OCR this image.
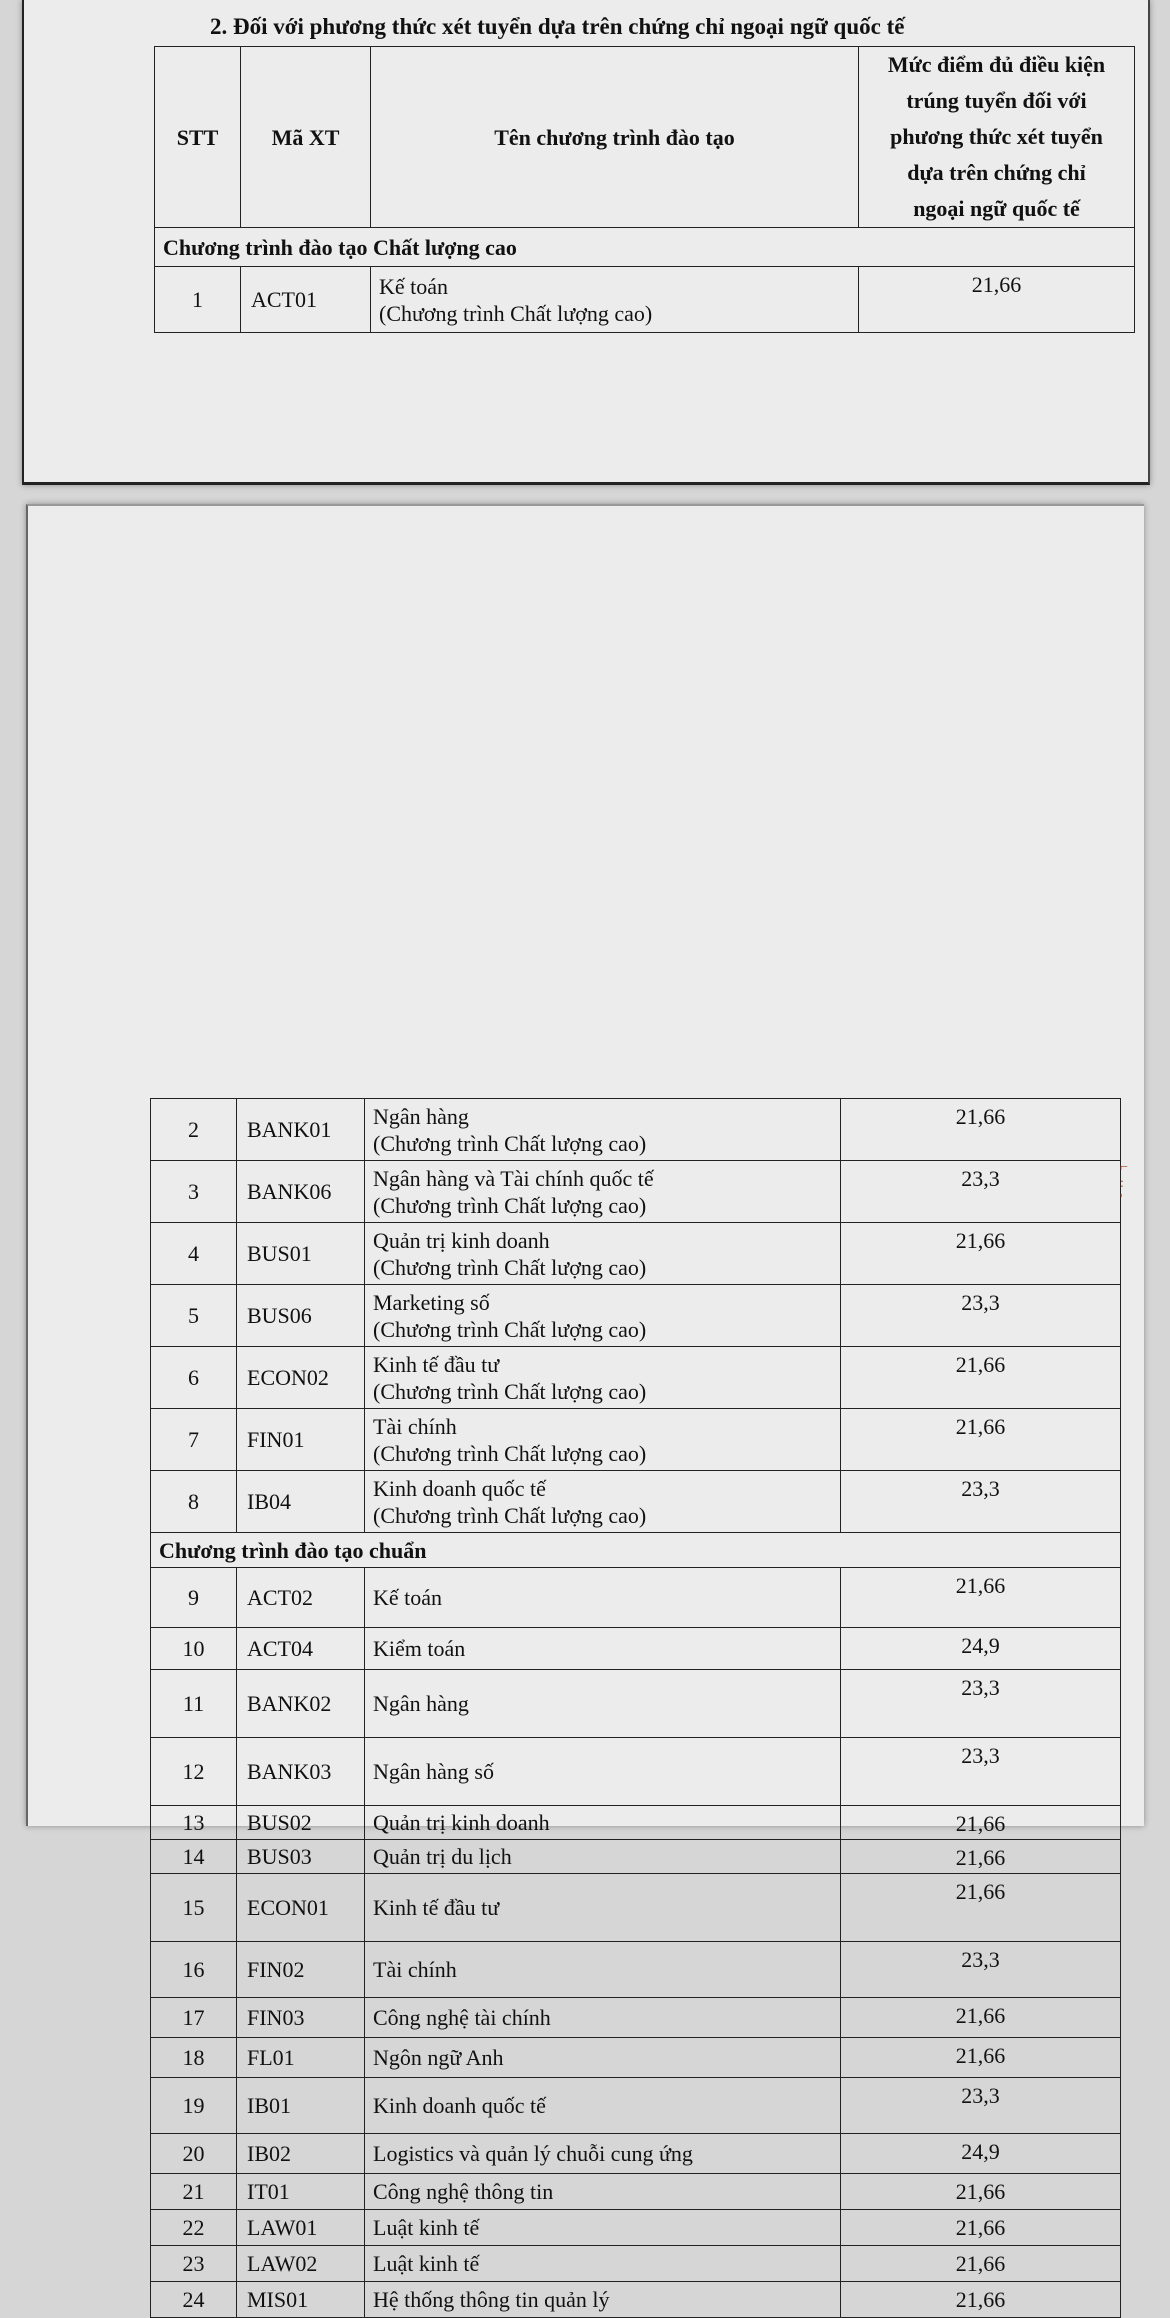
2. Đối với phương thức xét tuyển dựa trên chứng chỉ ngoại ngữ quốc tế
STT	Mã XT	Tên chương trình đào tạo	Mức điểm đủ điều kiện
trúng tuyển đối với
phương thức xét tuyển
dựa trên chứng chỉ
ngoại ngữ quốc tế

Chương trình đào tạo Chất lượng cao			
1	ACT01	Kế toán
(Chương trình Chất lượng cao)	21,66
2	BANK01	Ngân hàng
(Chương trình Chất lượng cao)	21,66
3	BANK06	Ngân hàng và Tài chính quốc tế
(Chương trình Chất lượng cao)	23,3
4	BUS01	Quản trị kinh doanh
(Chương trình Chất lượng cao)	21,66
5	BUS06	Marketing số
(Chương trình Chất lượng cao)	23,3
6	ECON02	Kinh tế đầu tư
(Chương trình Chất lượng cao)	21,66
7	FIN01	Tài chính
(Chương trình Chất lượng cao)	21,66
8	IB04	Kinh doanh quốc tế
(Chương trình Chất lượng cao)	23,3
Chương trình đào tạo chuẩn			
9	ACT02	Kế toán	21,66
10	ACT04	Kiểm toán	24,9
11	BANK02	Ngân hàng	23,3
12	BANK03	Ngân hàng số	23,3
13	BUS02	Quản trị kinh doanh	21,66
14	BUS03	Quản trị du lịch	21,66
15	ECON01	Kinh tế đầu tư	21,66
16	FIN02	Tài chính	23,3
17	FIN03	Công nghệ tài chính	21,66
18	FL01	Ngôn ngữ Anh	21,66
19	IB01	Kinh doanh quốc tế	23,3
20	IB02	Logistics và quản lý chuỗi cung ứng	24,9
21	IT01	Công nghệ thông tin	21,66
22	LAW01	Luật kinh tế	21,66
23	LAW02	Luật kinh tế	21,66
24	MIS01	Hệ thống thông tin quản lý	21,66
⌐
:
'
